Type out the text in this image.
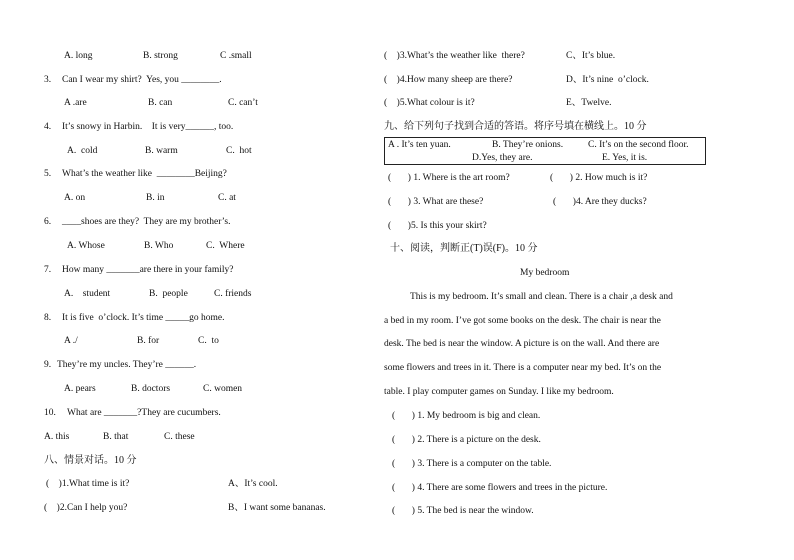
A. long	B. strong	C .small
3. Can I wear my shirt?  Yes, you ________.
A .are	B. can	C. can’t
4. It’s snowy in Harbin.    It is very______, too.
A.  cold	B. warm	C.  hot
5. What’s the weather like  ________Beijing?
A. on	B. in	C. at
6. ____shoes are they?  They are my brother’s.
A. Whose	B. Who	C.  Where
7. How many _______are there in your family?
A.    student	B.  people	C. friends
8. It is five  o’clock. It’s time _____go home.
A ./	B. for	C.  to
9. They’re my uncles. They’re ______.
A. pears	B. doctors	C. women
10. What are _______?They are cucumbers.
A. this	B. that	C. these
八、情景对话。10 分
(    )1.What time is it?	A、It’s cool.
(    )2.Can I help you?	B、I want some bananas.
(    )3.What’s the weather like  there?	C、It’s blue.
(    )4.How many sheep are there?	D、It’s nine  o’clock.
(    )5.What colour is it?	E、Twelve.
九、给下列句子找到合适的答语。将序号填在横线上。10 分
A . It’s ten yuan.	B. They’re onions.	C. It’s on the second floor.
D.Yes, they are.	E. Yes, it is.
(       ) 1. Where is the art room?	(       ) 2. How much is it?
(       ) 3. What are these?	(       )4. Are they ducks?
(       )5. Is this your skirt?
十、阅读，判断正(T)误(F)。10 分
My bedroom
This is my bedroom. It’s small and clean. There is a chair ,a desk and
a bed in my room. I’ve got some books on the desk. The chair is near the
desk. The bed is near the window. A picture is on the wall. And there are
some flowers and trees in it. There is a computer near my bed. It’s on the
table. I play computer games on Sunday. I like my bedroom.
(       ) 1. My bedroom is big and clean.
(       ) 2. There is a picture on the desk.
(       ) 3. There is a computer on the table.
(       ) 4. There are some flowers and trees in the picture.
(       ) 5. The bed is near the window.
